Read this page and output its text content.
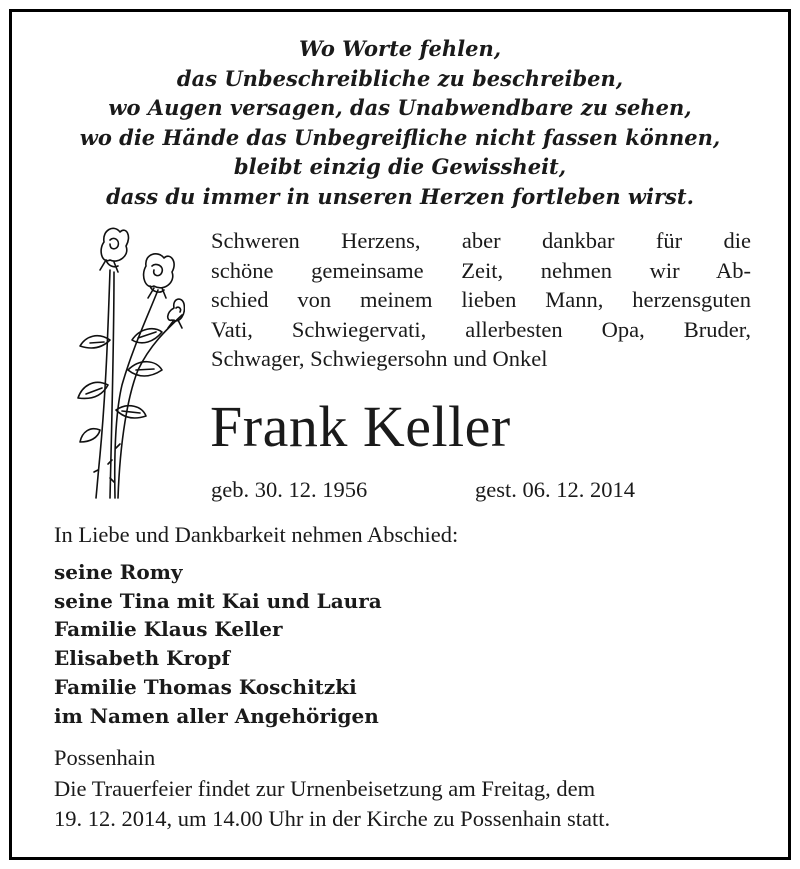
Wo Worte fehlen,
das Unbeschreibliche zu beschreiben,
wo Augen versagen, das Unabwendbare zu sehen,
wo die Hände das Unbegreifliche nicht fassen können,
bleibt einzig die Gewissheit,
dass du immer in unseren Herzen fortleben wirst.
Schweren Herzens, aber dankbar für die
schöne gemeinsame Zeit, nehmen wir Ab-
schied von meinem lieben Mann, herzensguten
Vati, Schwiegervati, allerbesten Opa, Bruder,
Schwager, Schwiegersohn und Onkel
Frank Keller
geb. 30. 12. 1956	gest. 06. 12. 2014
In Liebe und Dankbarkeit nehmen Abschied:
seine Romy
seine Tina mit Kai und Laura
Familie Klaus Keller
Elisabeth Kropf
Familie Thomas Koschitzki
im Namen aller Angehörigen
Possenhain
Die Trauerfeier findet zur Urnenbeisetzung am Freitag, dem
19. 12. 2014, um 14.00 Uhr in der Kirche zu Possenhain statt.
